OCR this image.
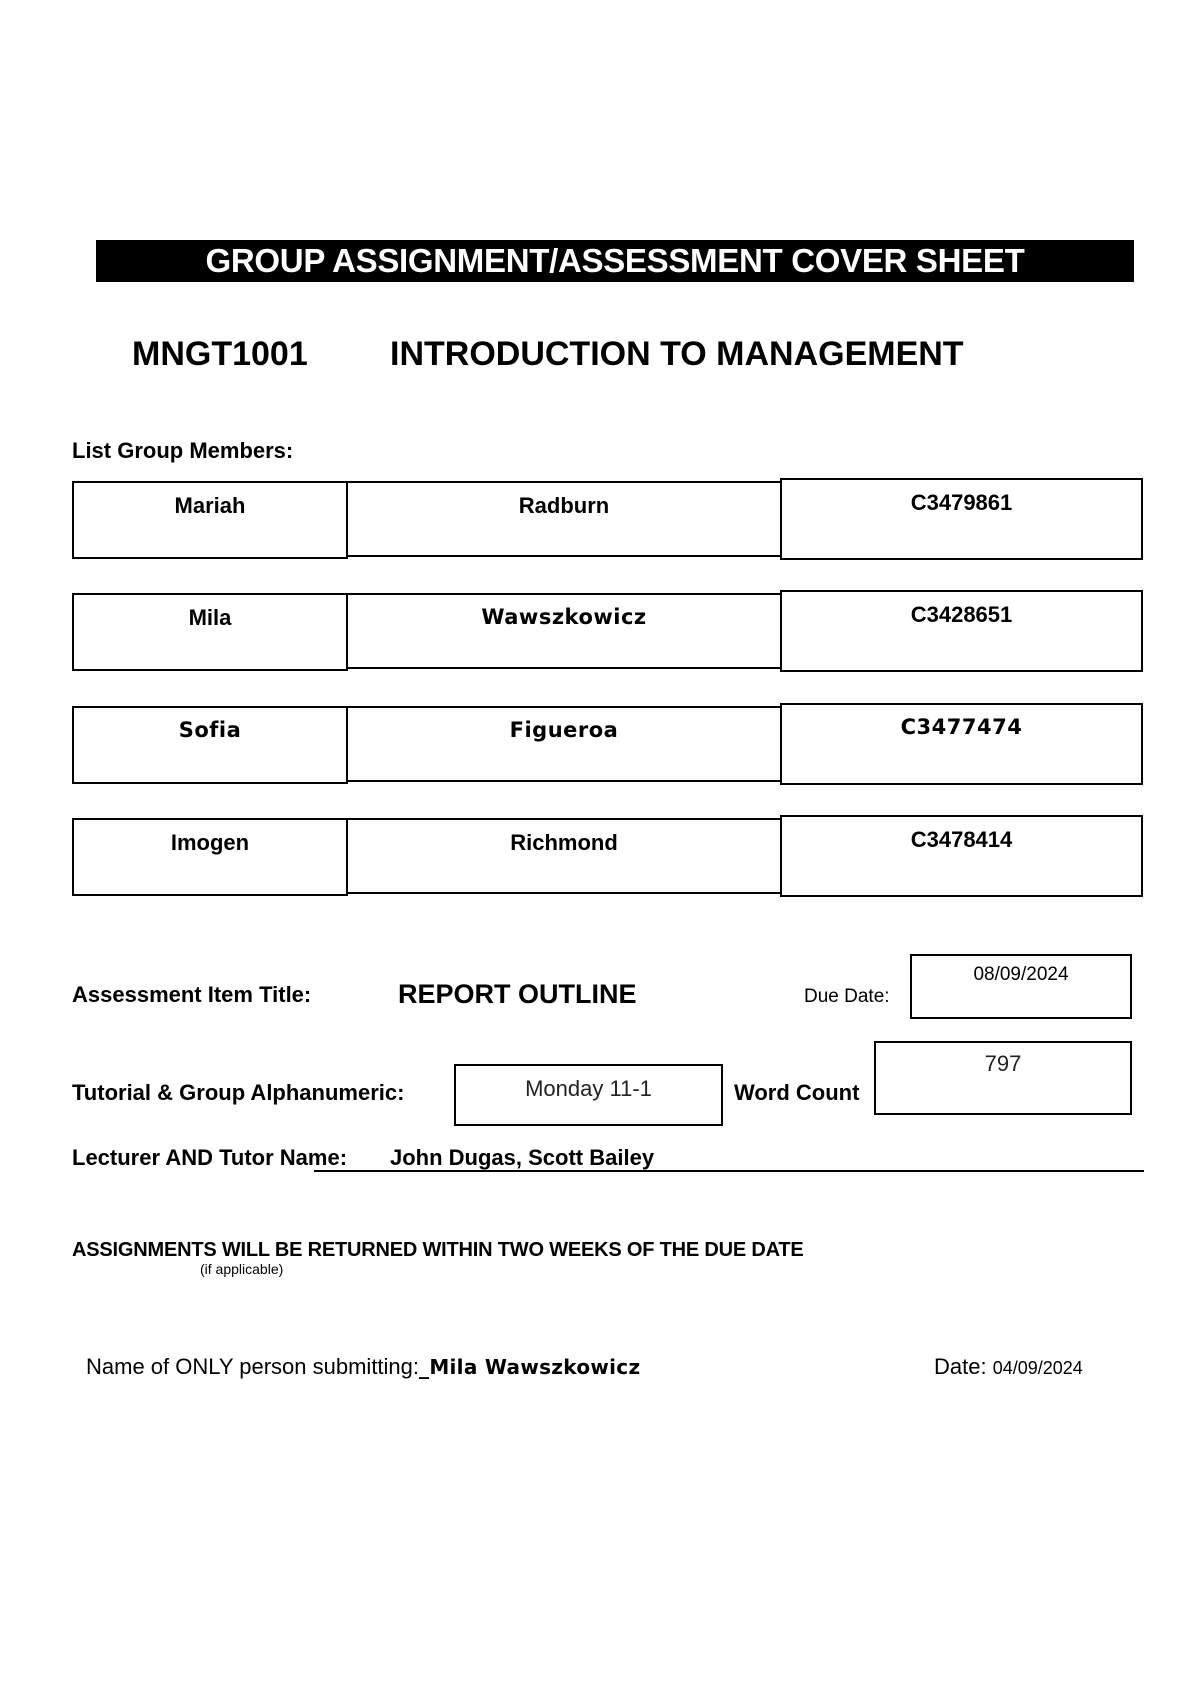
GROUP ASSIGNMENT/ASSESSMENT COVER SHEET
MNGT1001 INTRODUCTION TO MANAGEMENT
List Group Members:
Mariah	Radburn	C3479861
Mila	Wawszkowicz	C3428651
Sofia	Figueroa	C3477474
Imogen	Richmond	C3478414
Assessment Item Title:	REPORT OUTLINE	Due Date:
08/09/2024
Tutorial & Group Alphanumeric:	Monday 11-1	Word Count
797
Lecturer AND Tutor Name: John Dugas, Scott Bailey
ASSIGNMENTS WILL BE RETURNED WITHIN TWO WEEKS OF THE DUE DATE
(if applicable)
Name of ONLY person submitting:_Mila Wawszkowicz	Date: 04/09/2024
